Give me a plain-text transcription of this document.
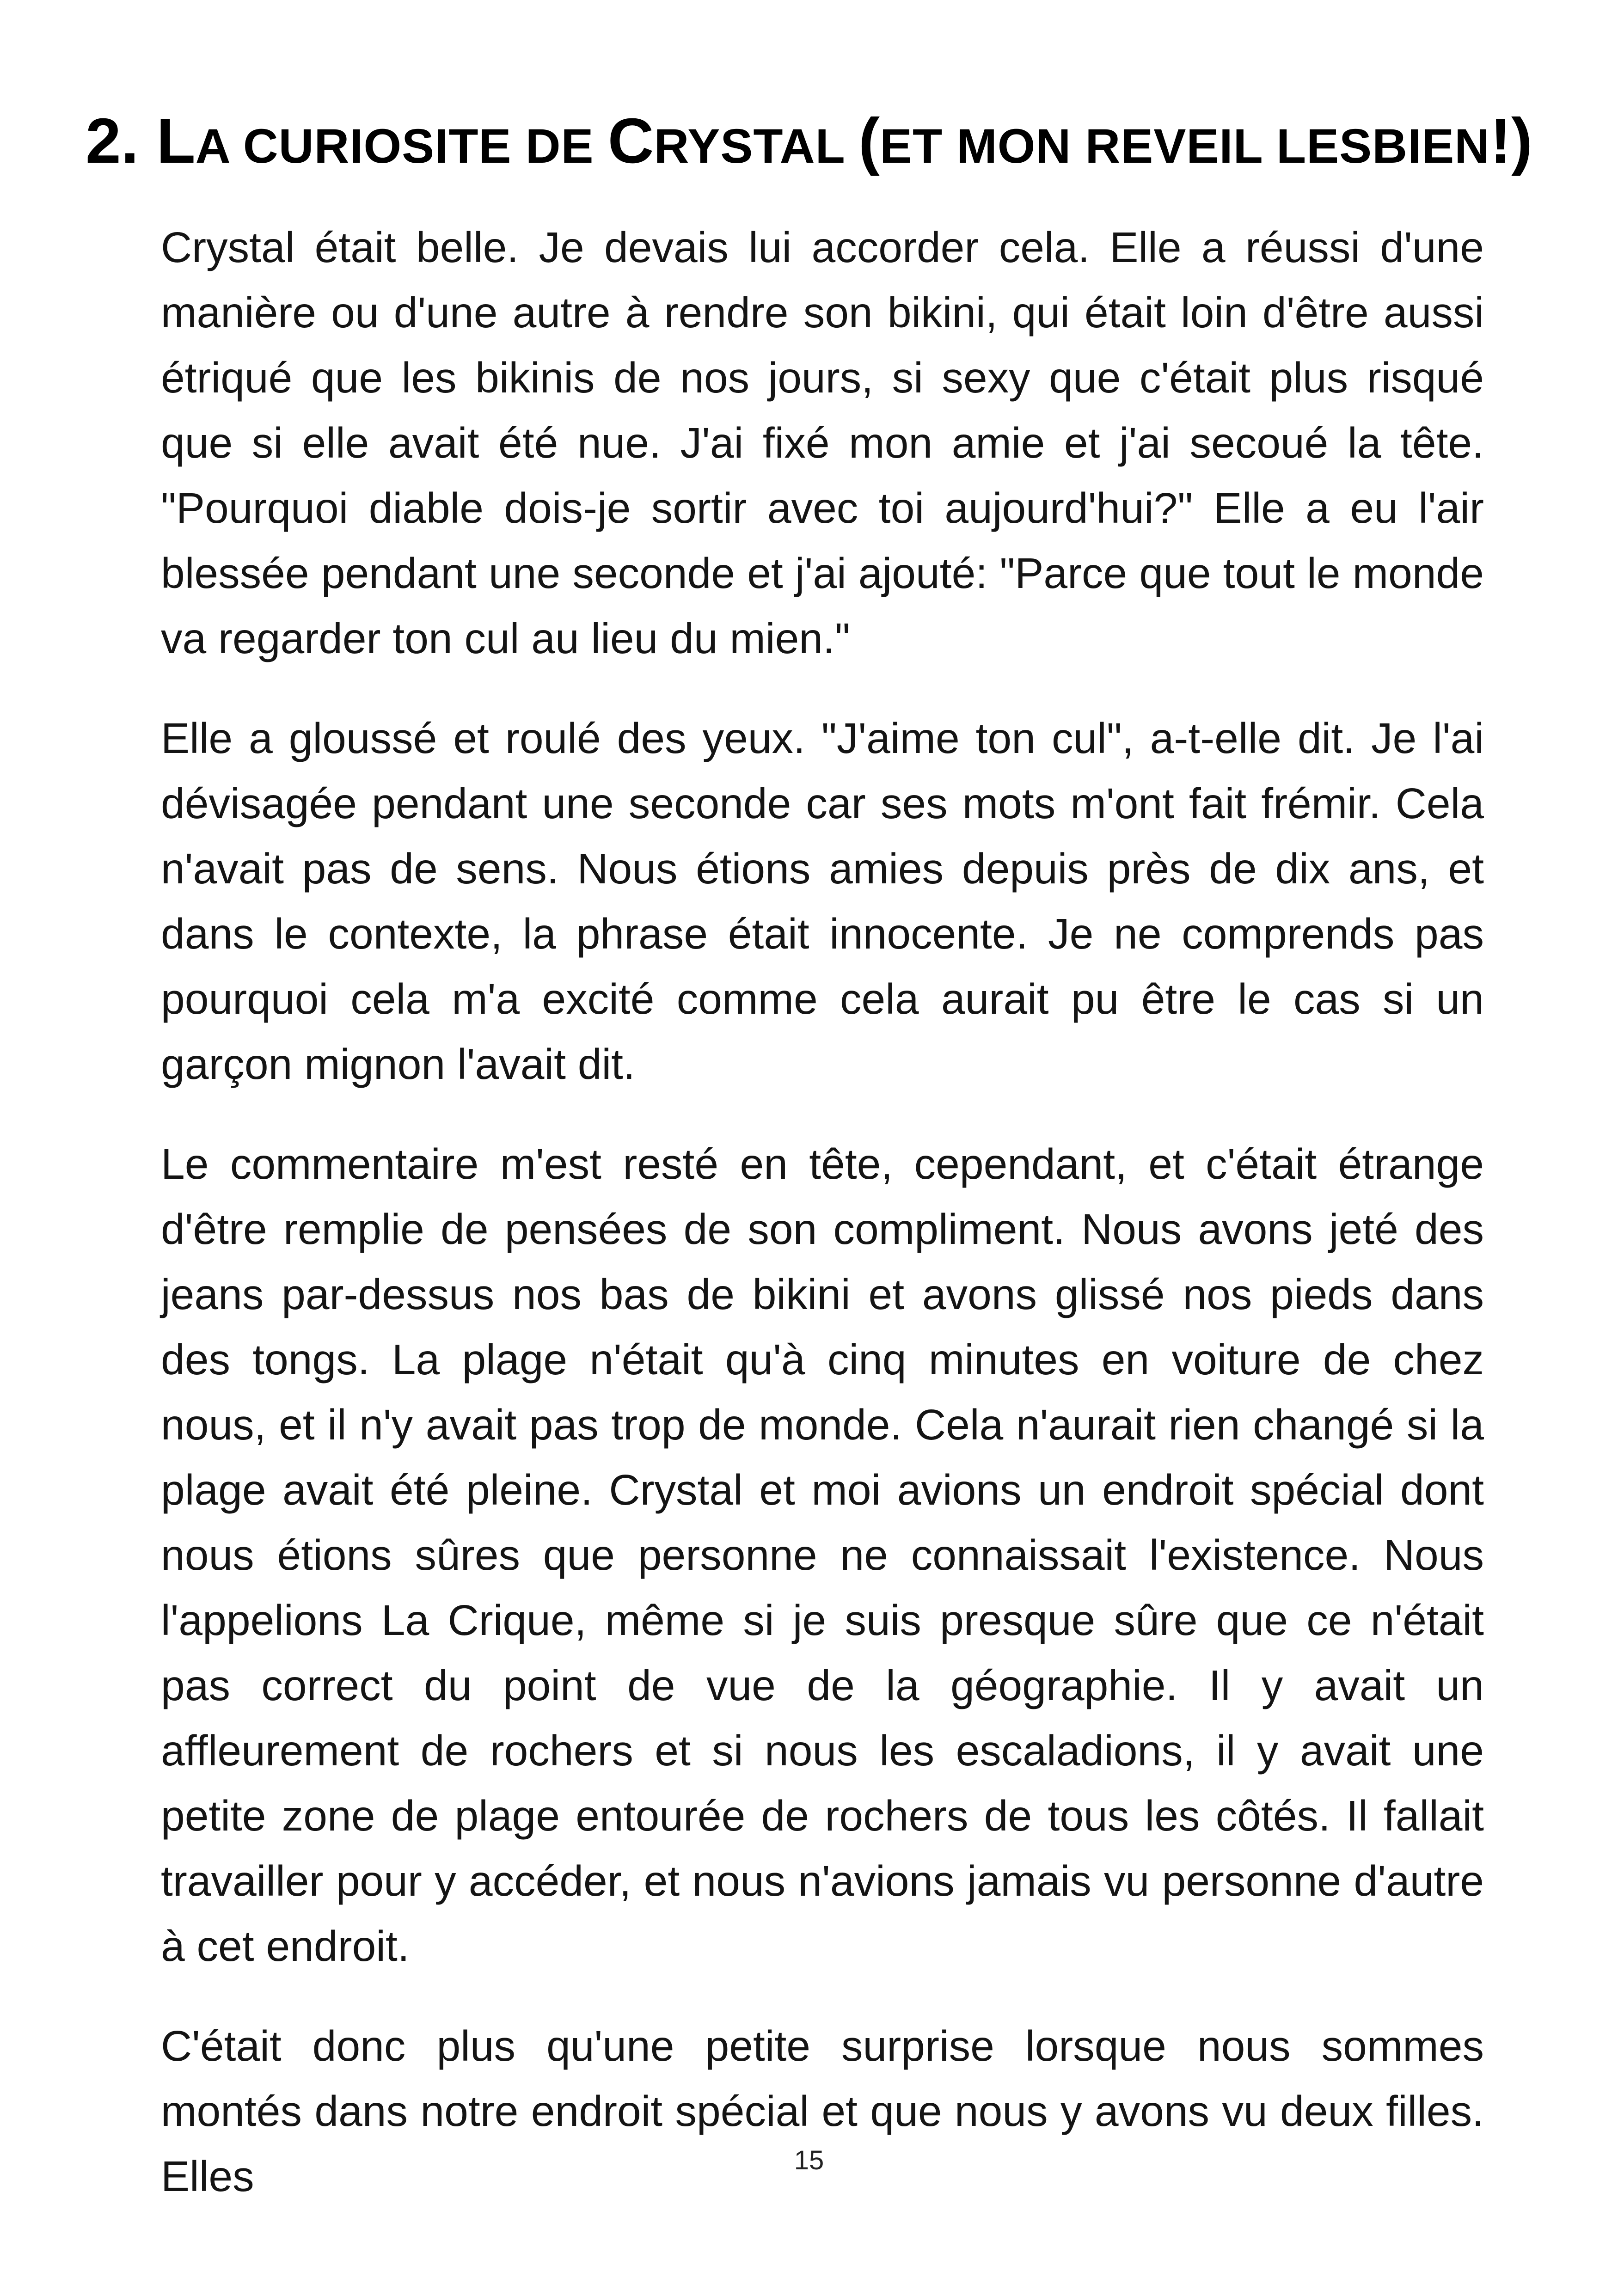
2. LA CURIOSITE DE CRYSTAL (ET MON REVEIL LESBIEN!)

Crystal était belle. Je devais lui accorder cela. Elle a réussi d'une manière ou d'une autre à rendre son bikini, qui était loin d'être aussi étriqué que les bikinis de nos jours, si sexy que c'était plus risqué que si elle avait été nue. J'ai fixé mon amie et j'ai secoué la tête. "Pourquoi diable dois-je sortir avec toi aujourd'hui?" Elle a eu l'air blessée pendant une seconde et j'ai ajouté: "Parce que tout le monde va regarder ton cul au lieu du mien."

Elle a gloussé et roulé des yeux. "J'aime ton cul", a-t-elle dit. Je l'ai dévisagée pendant une seconde car ses mots m'ont fait frémir. Cela n'avait pas de sens. Nous étions amies depuis près de dix ans, et dans le contexte, la phrase était innocente. Je ne comprends pas pourquoi cela m'a excité comme cela aurait pu être le cas si un garçon mignon l'avait dit.

Le commentaire m'est resté en tête, cependant, et c'était étrange d'être remplie de pensées de son compliment. Nous avons jeté des jeans par-dessus nos bas de bikini et avons glissé nos pieds dans des tongs. La plage n'était qu'à cinq minutes en voiture de chez nous, et il n'y avait pas trop de monde. Cela n'aurait rien changé si la plage avait été pleine. Crystal et moi avions un endroit spécial dont nous étions sûres que personne ne connaissait l'existence. Nous l'appelions La Crique, même si je suis presque sûre que ce n'était pas correct du point de vue de la géographie. Il y avait un affleurement de rochers et si nous les escaladions, il y avait une petite zone de plage entourée de rochers de tous les côtés. Il fallait travailler pour y accéder, et nous n'avions jamais vu personne d'autre à cet endroit.

C'était donc plus qu'une petite surprise lorsque nous sommes montés dans notre endroit spécial et que nous y avons vu deux filles. Elles	15
